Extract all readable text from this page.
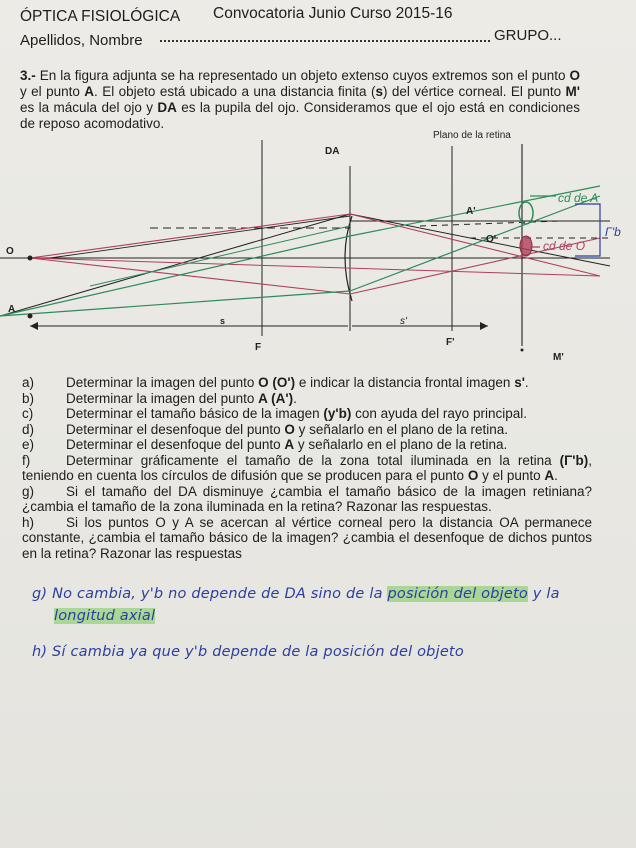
ÓPTICA FISIOLÓGICA Convocatoria Junio Curso 2015-16
Apellidos, Nombre	GRUPO...
3.- En la figura adjunta se ha representado un objeto extenso cuyos extremos son el punto O y el punto A. El objeto está ubicado a una distancia finita (s) del vértice corneal. El punto M' es la mácula del ojo y DA es la pupila del ojo. Consideramos que el ojo está en condiciones de reposo acomodativo.
Plano de la retina
DA
s	s'
F	F'
M'
O
A
O'
A'
cd de A
cd de O
Γ'b
a)	Determinar la imagen del punto O (O') e indicar la distancia frontal imagen s'.
b)	Determinar la imagen del punto A (A').
c)	Determinar el tamaño básico de la imagen (y'b) con ayuda del rayo principal.
d)	Determinar el desenfoque del punto O y señalarlo en el plano de la retina.
e)	Determinar el desenfoque del punto A y señalarlo en el plano de la retina.
f)	Determinar gráficamente el tamaño de la zona total iluminada en la retina (Γ'b), teniendo en cuenta los círculos de difusión que se producen para el punto O y el punto A.
g) Si el tamaño del DA disminuye ¿cambia el tamaño básico de la imagen retiniana? ¿cambia el tamaño de la zona iluminada en la retina? Razonar las respuestas.
h) Si los puntos O y A se acercan al vértice corneal pero la distancia OA permanece constante, ¿cambia el tamaño básico de la imagen? ¿cambia el desenfoque de dichos puntos en la retina? Razonar las respuestas
g) No cambia, y'b no depende de DA sino de la posición del objeto y la
longitud axial
h) Sí cambia ya que y'b depende de la posición del objeto
